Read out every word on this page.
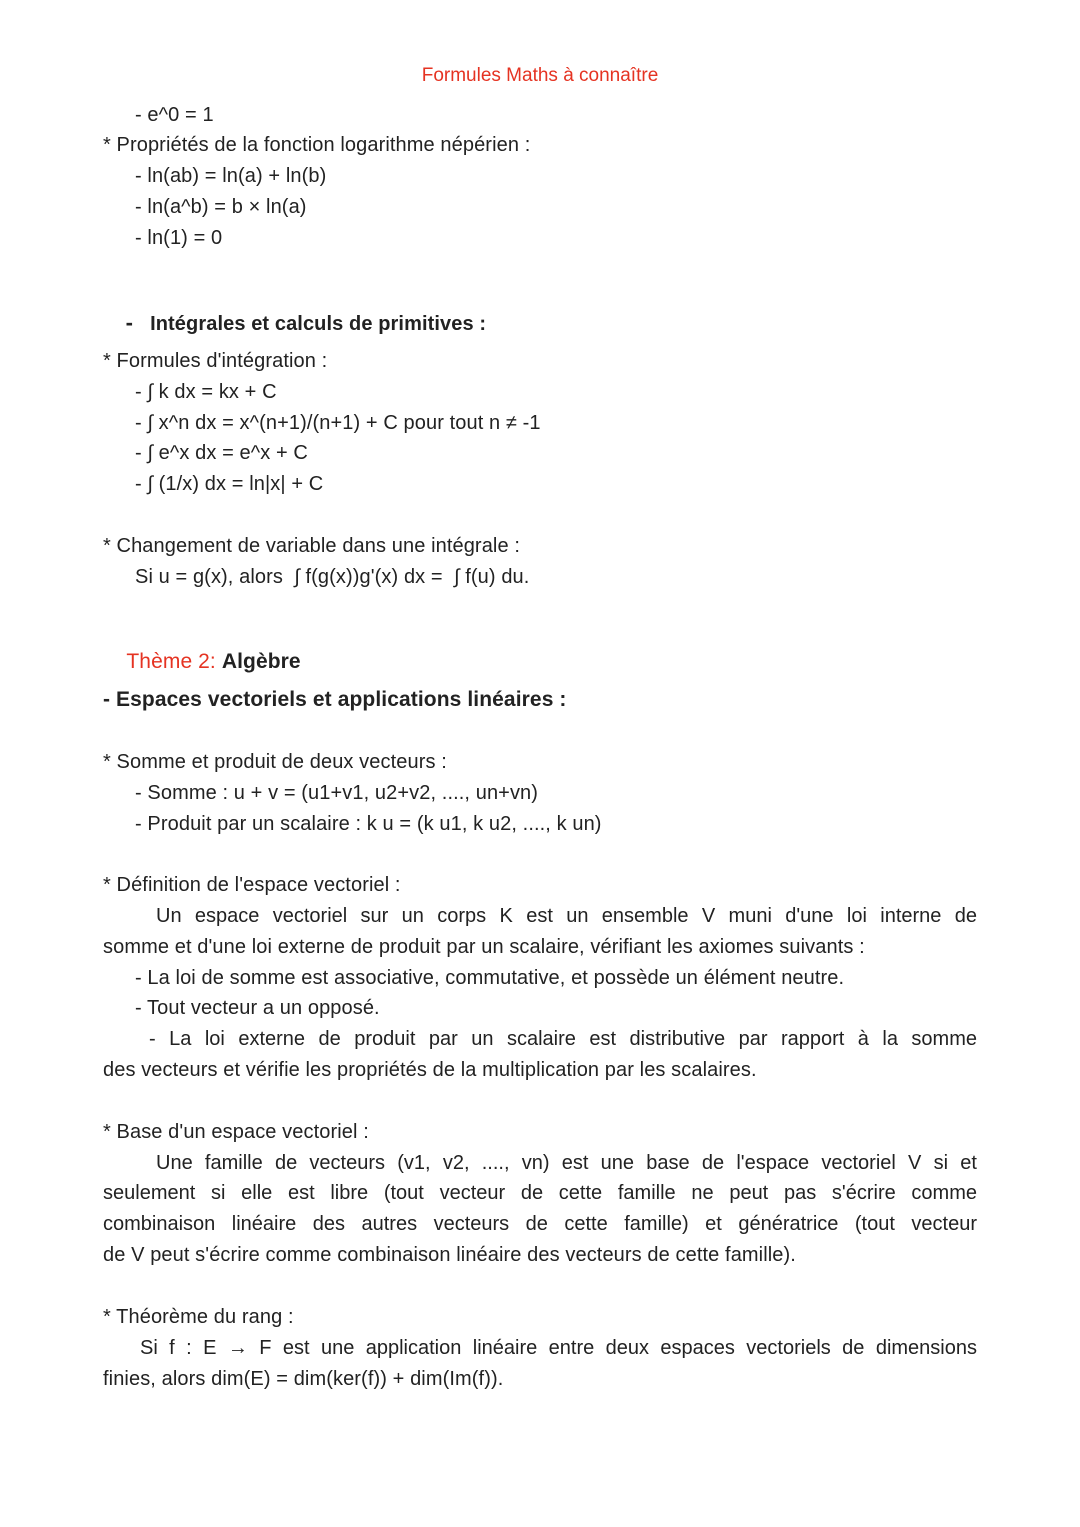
Formules Maths à connaître
- e^0 = 1
* Propriétés de la fonction logarithme népérien :
- ln(ab) = ln(a) + ln(b)
- ln(a^b) = b × ln(a)
- ln(1) = 0

- Intégrales et calculs de primitives :

* Formules d'intégration :
- ∫ k dx = kx + C
- ∫ x^n dx = x^(n+1)/(n+1) + C pour tout n ≠ -1
- ∫ e^x dx = e^x + C
- ∫ (1/x) dx = ln|x| + C
* Changement de variable dans une intégrale :
Si u = g(x), alors  ∫ f(g(x))g'(x) dx =  ∫ f(u) du.

Thème 2: Algèbre

- Espaces vectoriels et applications linéaires :
* Somme et produit de deux vecteurs :
- Somme : u + v = (u1+v1, u2+v2, ...., un+vn)
- Produit par un scalaire : k u = (k u1, k u2, ...., k un)
* Définition de l'espace vectoriel :
Un espace vectoriel sur un corps K est un ensemble V muni d'une loi interne de
somme et d'une loi externe de produit par un scalaire, vérifiant les axiomes suivants :
- La loi de somme est associative, commutative, et possède un élément neutre.
- Tout vecteur a un opposé.
- La loi externe de produit par un scalaire est distributive par rapport à la somme
des vecteurs et vérifie les propriétés de la multiplication par les scalaires.
* Base d'un espace vectoriel :
Une famille de vecteurs (v1, v2, ...., vn) est une base de l'espace vectoriel V si et
seulement si elle est libre (tout vecteur de cette famille ne peut pas s'écrire comme
combinaison linéaire des autres vecteurs de cette famille) et génératrice (tout vecteur
de V peut s'écrire comme combinaison linéaire des vecteurs de cette famille).
* Théorème du rang :
Si f : E → F est une application linéaire entre deux espaces vectoriels de dimensions
finies, alors dim(E) = dim(ker(f)) + dim(Im(f)).
